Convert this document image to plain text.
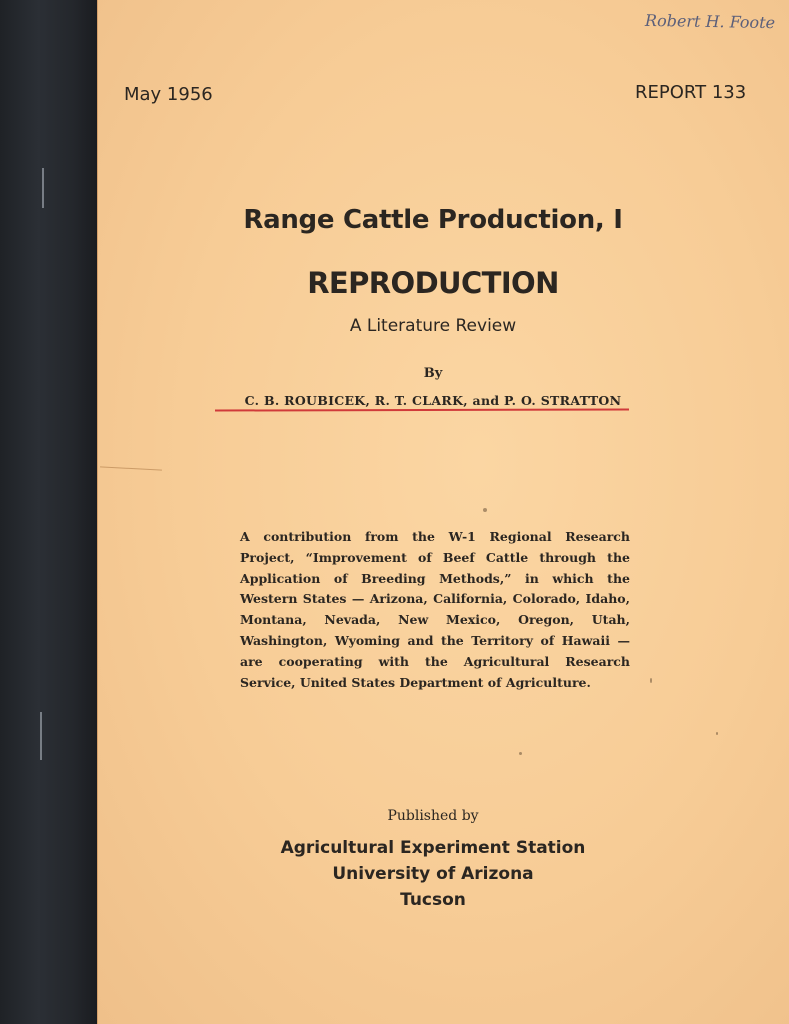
Robert H. Foote
May 1956	REPORT 133
Range Cattle Production, I
REPRODUCTION
A Literature Review
By
C. B. ROUBICEK, R. T. CLARK, and P. O. STRATTON
A contribution from the W-1 Regional Research Project, “Improvement of Beef Cattle through the Application of Breeding Methods,” in which the Western States — Arizona, California, Colorado, Idaho, Montana, Nevada, New Mexico, Oregon, Utah, Washington, Wyoming and the Territory of Hawaii — are cooperating with the Agricultural Research Service, United States Department of Agriculture.
Published by
Agricultural Experiment Station
University of Arizona
Tucson
